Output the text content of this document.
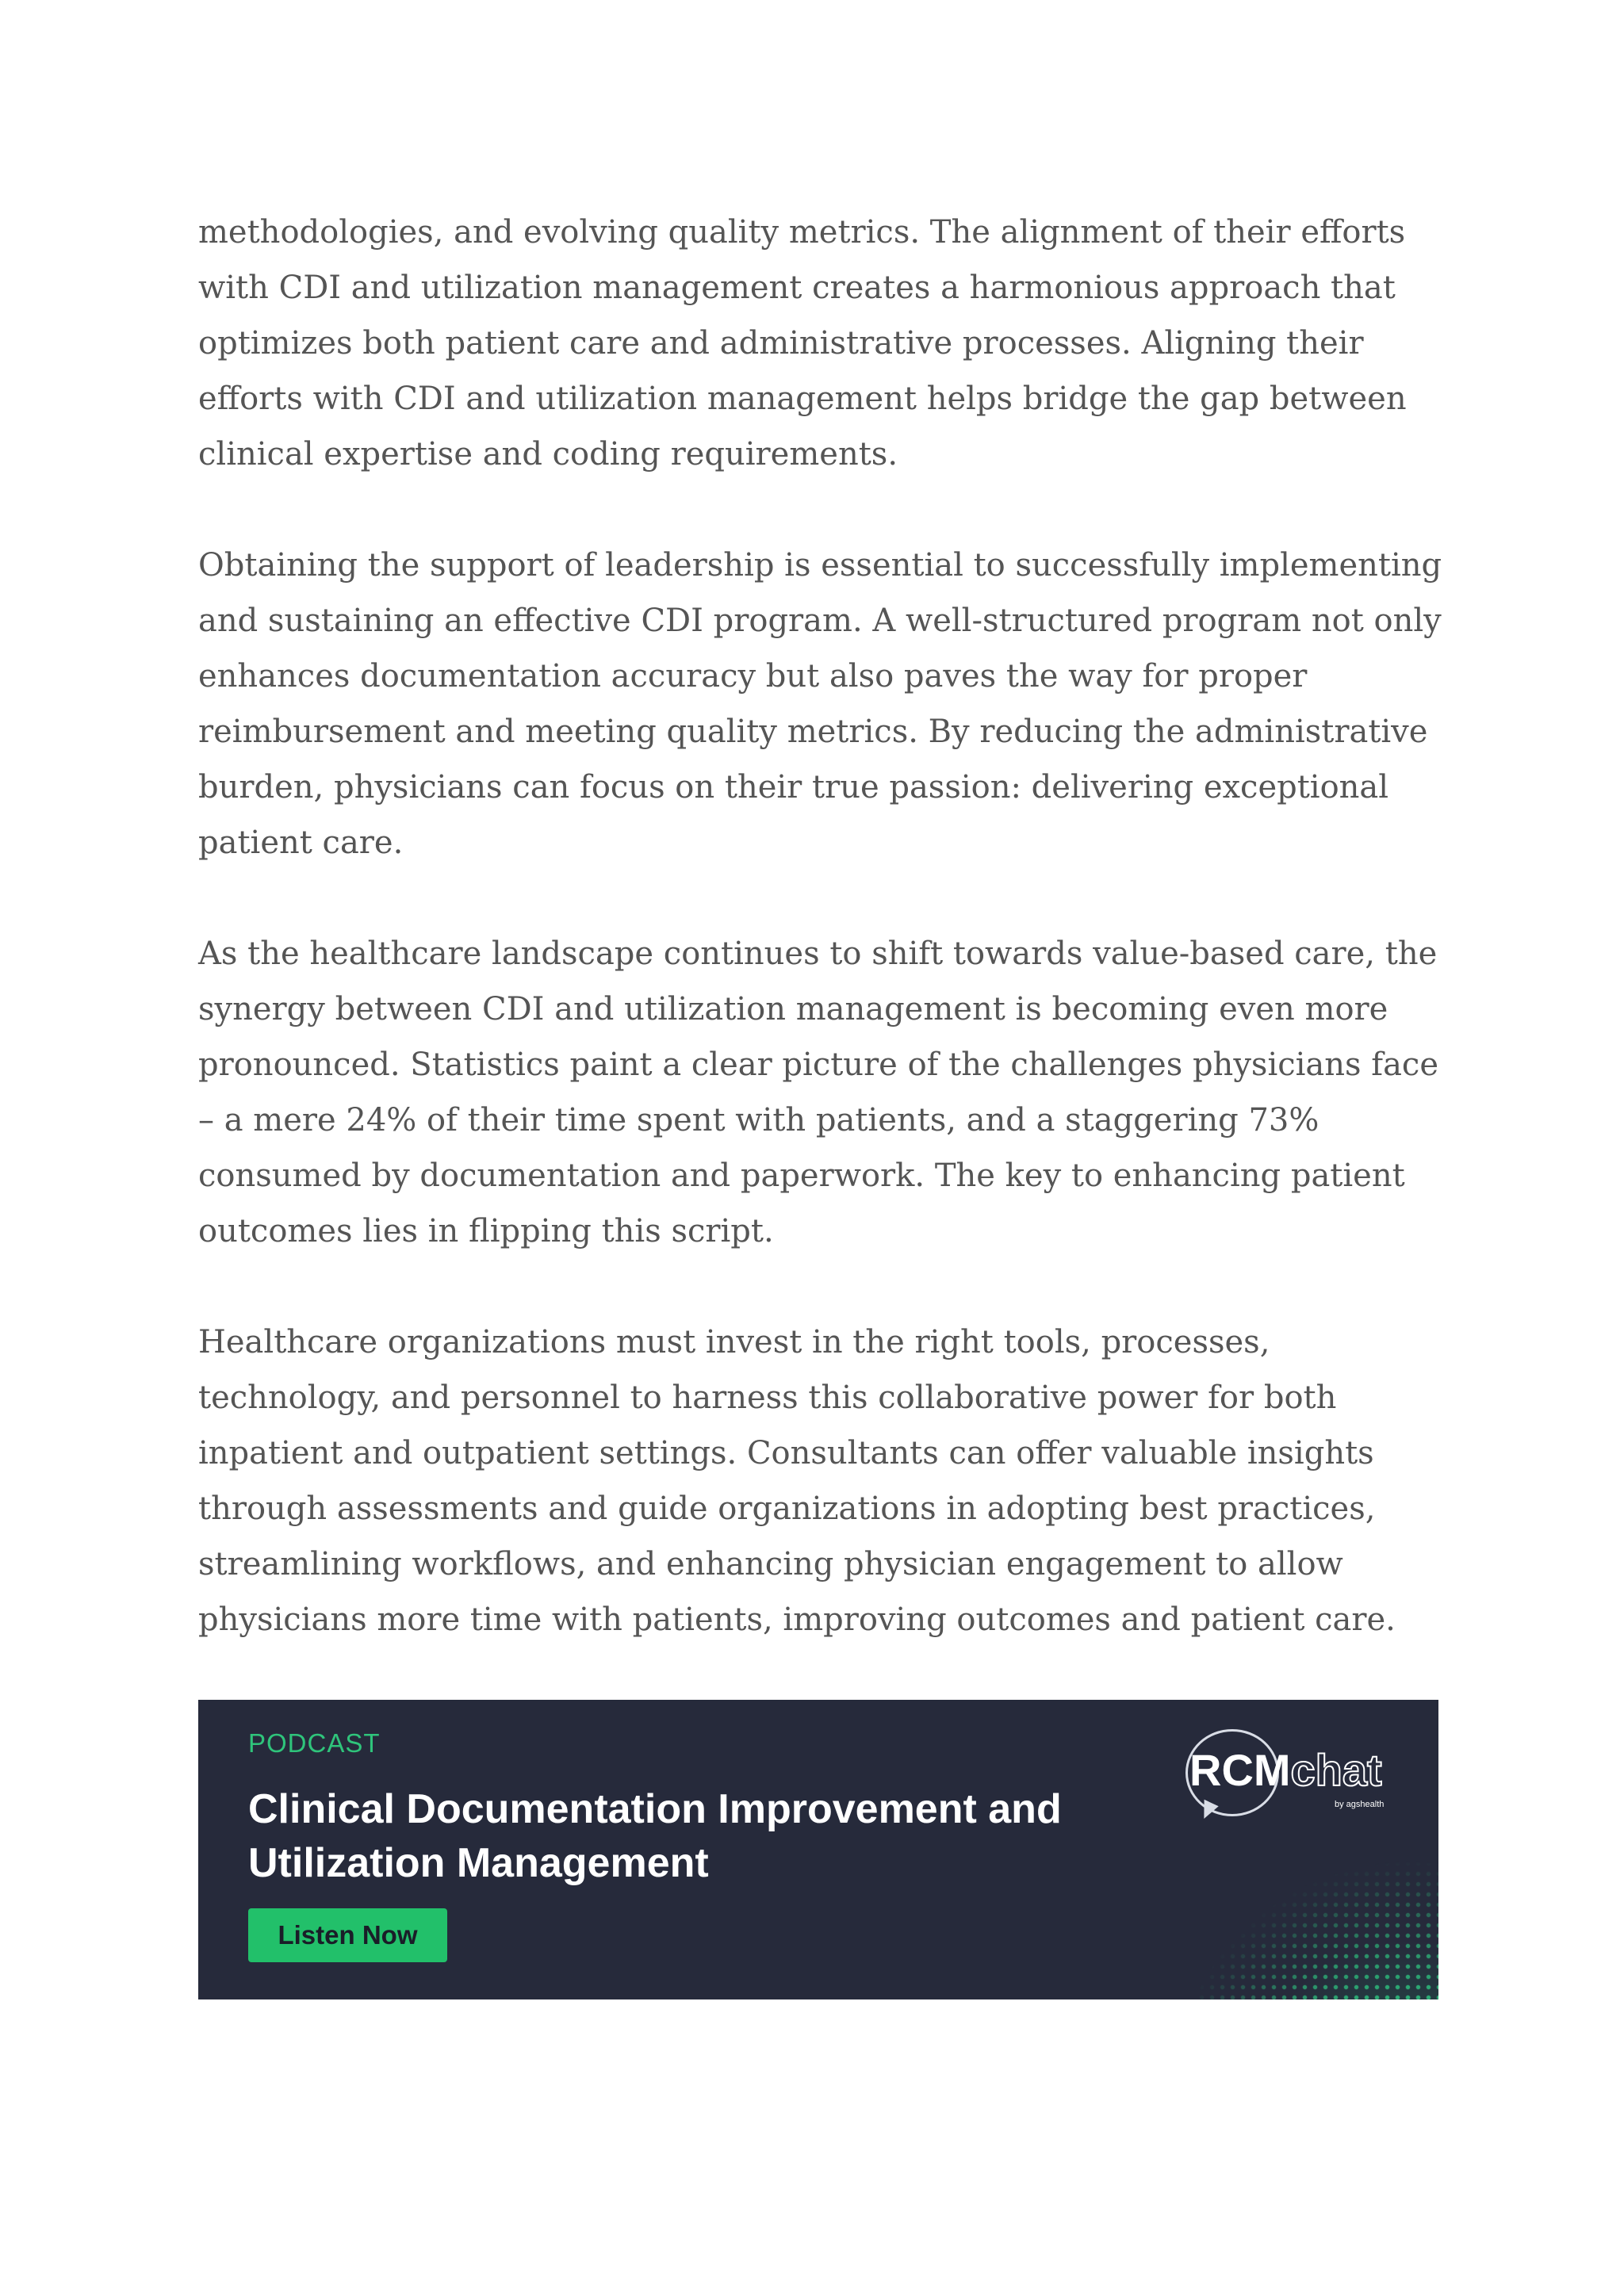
methodologies, and evolving quality metrics. The alignment of their efforts with CDI and utilization management creates a harmonious approach that optimizes both patient care and administrative processes. Aligning their efforts with CDI and utilization management helps bridge the gap between clinical expertise and coding requirements.

Obtaining the support of leadership is essential to successfully implementing and sustaining an effective CDI program. A well-structured program not only enhances documentation accuracy but also paves the way for proper reimbursement and meeting quality metrics. By reducing the administrative burden, physicians can focus on their true passion: delivering exceptional patient care.

As the healthcare landscape continues to shift towards value-based care, the synergy between CDI and utilization management is becoming even more pronounced. Statistics paint a clear picture of the challenges physicians face – a mere 24% of their time spent with patients, and a staggering 73% consumed by documentation and paperwork. The key to enhancing patient outcomes lies in flipping this script.

Healthcare organizations must invest in the right tools, processes, technology, and personnel to harness this collaborative power for both inpatient and outpatient settings. Consultants can offer valuable insights through assessments and guide organizations in adopting best practices, streamlining workflows, and enhancing physician engagement to allow physicians more time with patients, improving outcomes and patient care.

PODCAST
Clinical Documentation Improvement and Utilization Management
Listen Now
RCMchat
by agshealth
